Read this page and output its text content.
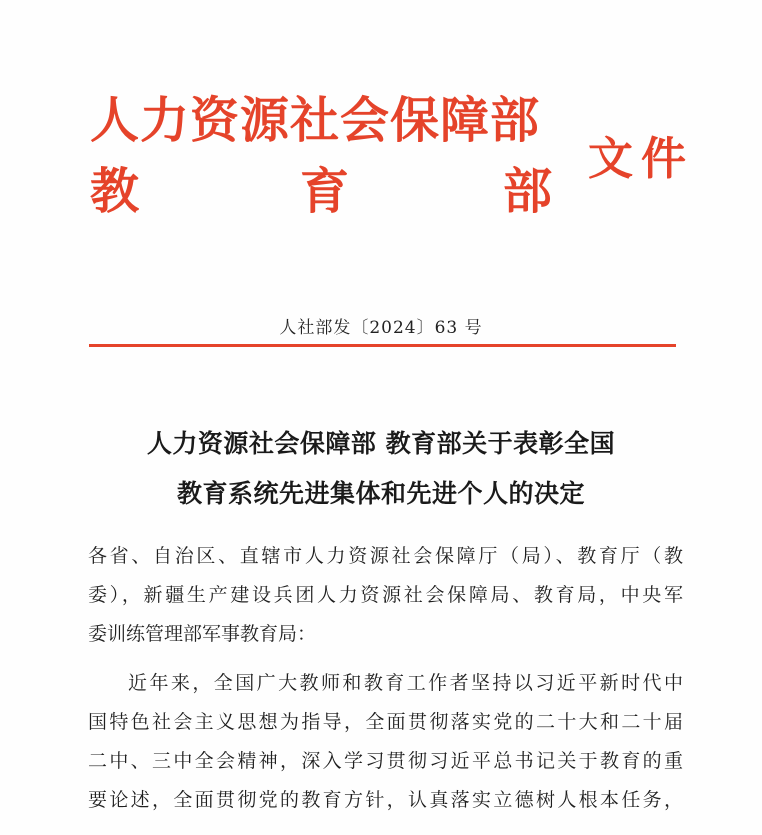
人力资源社会保障部
教	育	部
文件
人社部发〔2024〕63 号
人力资源社会保障部 教育部关于表彰全国
教育系统先进集体和先进个人的决定
各省、自治区、直辖市人力资源社会保障厅（局）、教育厅（教
委），新疆生产建设兵团人力资源社会保障局、教育局，中央军
委训练管理部军事教育局：
近年来，全国广大教师和教育工作者坚持以习近平新时代中
国特色社会主义思想为指导，全面贯彻落实党的二十大和二十届
二中、三中全会精神，深入学习贯彻习近平总书记关于教育的重
要论述，全面贯彻党的教育方针，认真落实立德树人根本任务，
